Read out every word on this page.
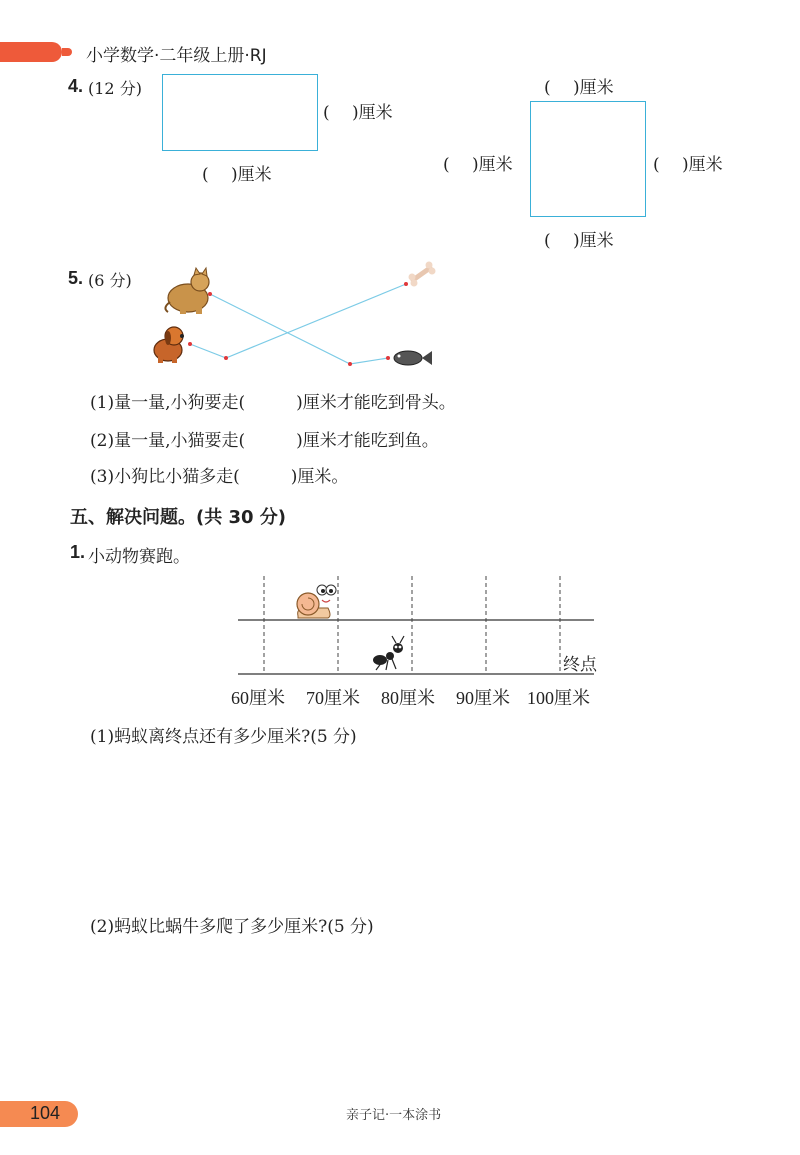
小学数学·二年级上册·RJ
4. (12 分)
(　 )厘米
(　 )厘米
(　 )厘米
(　 )厘米	(　 )厘米
(　 )厘米
5. (6 分)
(1)量一量,小狗要走(　　　)厘米才能吃到骨头。
(2)量一量,小猫要走(　　　)厘米才能吃到鱼。
(3)小狗比小猫多走(　　　)厘米。
五、解决问题。(共 30 分)
1. 小动物赛跑。
终点
60厘米 70厘米 80厘米 90厘米 100厘米
(1)蚂蚁离终点还有多少厘米?(5 分)
(2)蚂蚁比蜗牛多爬了多少厘米?(5 分)
104	亲子记·一本涂书
